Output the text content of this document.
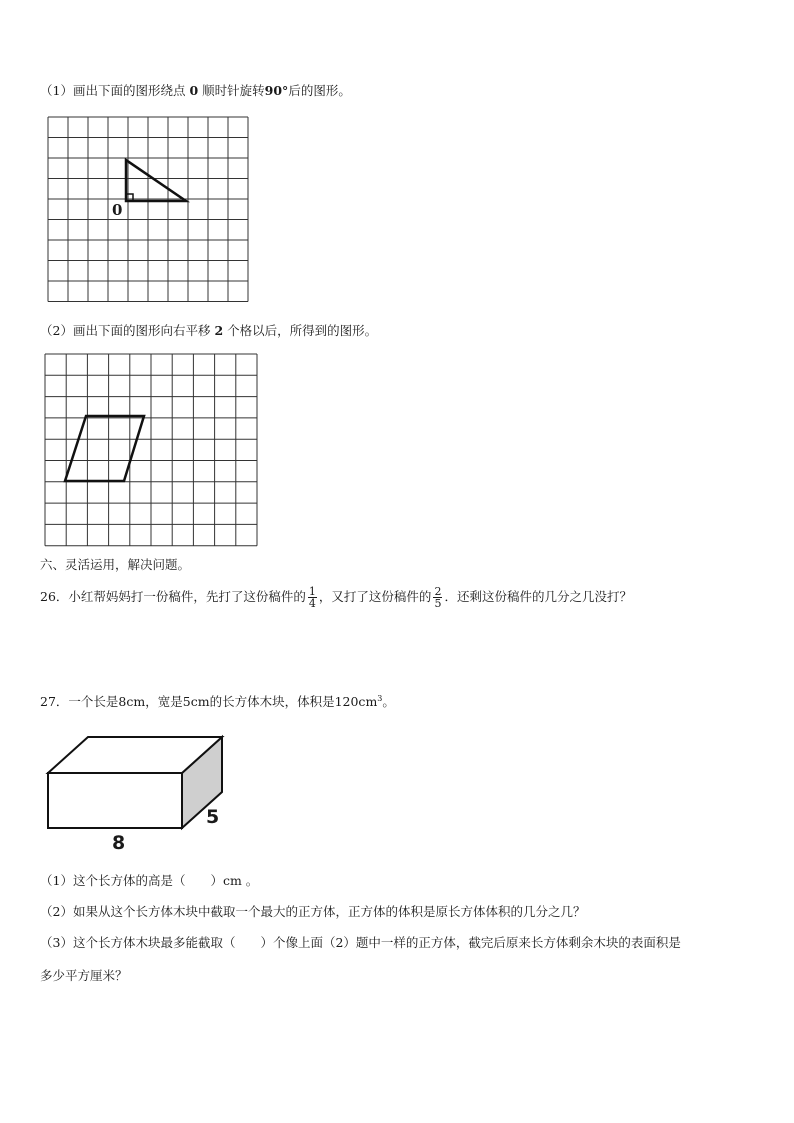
（1）画出下面的图形绕点 0 顺时针旋转90°后的图形。
0
（2）画出下面的图形向右平移 2 个格以后，所得到的图形。
六、灵活运用，解决问题。
26．小红帮妈妈打一份稿件，先打了这份稿件的 $\frac{1}{4}$ ，又打了这份稿件的 $\frac{2}{5}$ ．还剩这份稿件的几分之几没打？
27．一个长是8cm，宽是5cm的长方体木块，体积是$120cm^3$。
8
5
（1）这个长方体的高是（　　）cm 。
（2）如果从这个长方体木块中截取一个最大的正方体，正方体的体积是原长方体体积的几分之几？
（3）这个长方体木块最多能截取（　　）个像上面（2）题中一样的正方体，截完后原来长方体剩余木块的表面积是
多少平方厘米？
